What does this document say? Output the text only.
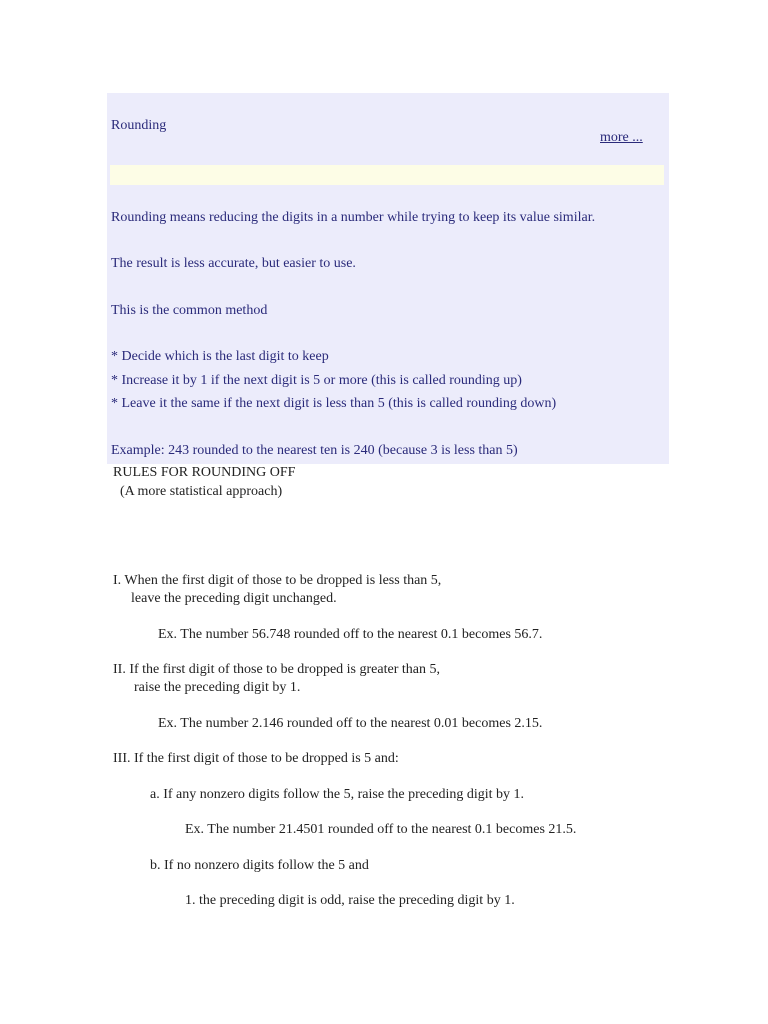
Rounding
more ...
Rounding means reducing the digits in a number while trying to keep its value similar.
The result is less accurate, but easier to use.
This is the common method
* Decide which is the last digit to keep
* Increase it by 1 if the next digit is 5 or more (this is called rounding up)
* Leave it the same if the next digit is less than 5 (this is called rounding down)
Example: 243 rounded to the nearest ten is 240 (because 3 is less than 5)
RULES FOR ROUNDING OFF
(A more statistical approach)
I. When the first digit of those to be dropped is less than 5,
leave the preceding digit unchanged.
Ex. The number 56.748 rounded off to the nearest 0.1 becomes 56.7.
II. If the first digit of those to be dropped is greater than 5,
raise the preceding digit by 1.
Ex. The number 2.146 rounded off to the nearest 0.01 becomes 2.15.
III. If the first digit of those to be dropped is 5 and:
a. If any nonzero digits follow the 5, raise the preceding digit by 1.
Ex. The number 21.4501 rounded off to the nearest 0.1 becomes 21.5.
b. If no nonzero digits follow the 5 and
1. the preceding digit is odd, raise the preceding digit by 1.
